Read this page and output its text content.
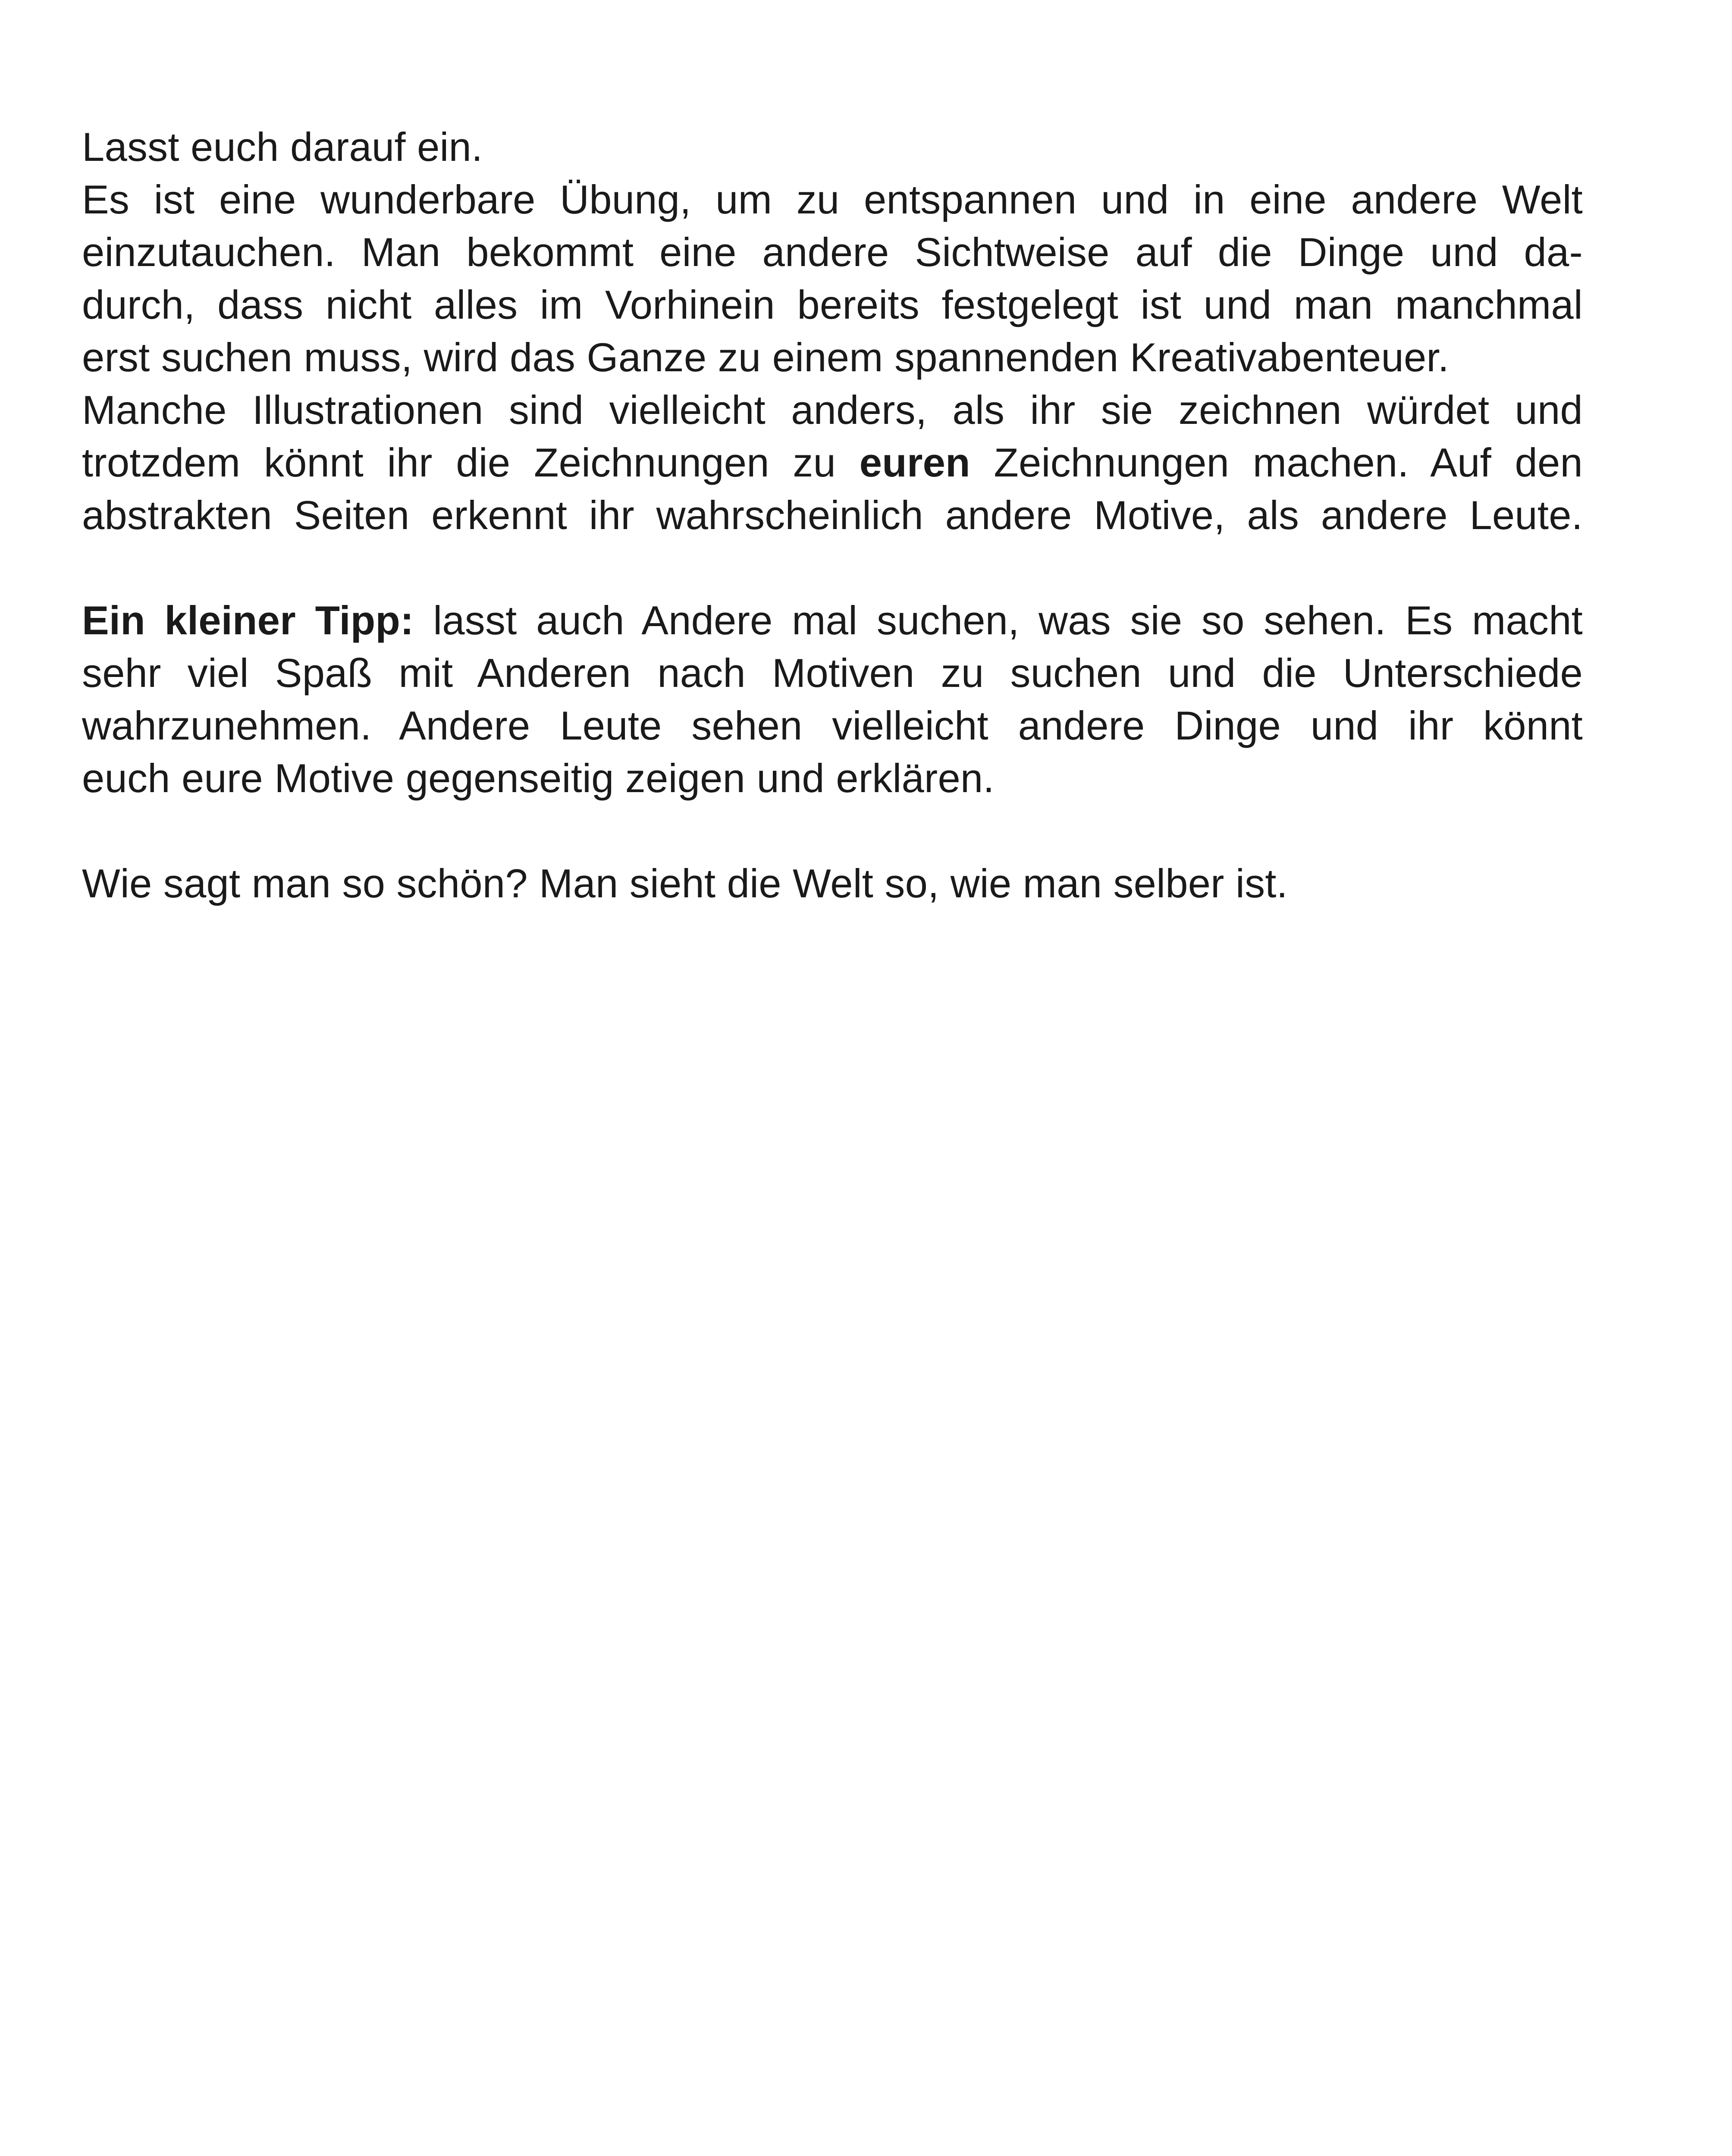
Lasst euch darauf ein.
Es ist eine wunderbare Übung, um zu entspannen und in eine andere Welt
einzutauchen. Man bekommt eine andere Sichtweise auf die Dinge und da-
durch, dass nicht alles im Vorhinein bereits festgelegt ist und man manchmal
erst suchen muss, wird das Ganze zu einem spannenden Kreativabenteuer.
Manche Illustrationen sind vielleicht anders, als ihr sie zeichnen würdet und
trotzdem könnt ihr die Zeichnungen zu euren Zeichnungen machen. Auf den
abstrakten Seiten erkennt ihr wahrscheinlich andere Motive, als andere Leute.
Ein kleiner Tipp: lasst auch Andere mal suchen, was sie so sehen. Es macht
sehr viel Spaß mit Anderen nach Motiven zu suchen und die Unterschiede
wahrzunehmen. Andere Leute sehen vielleicht andere Dinge und ihr könnt
euch eure Motive gegenseitig zeigen und erklären.
Wie sagt man so schön? Man sieht die Welt so, wie man selber ist.
